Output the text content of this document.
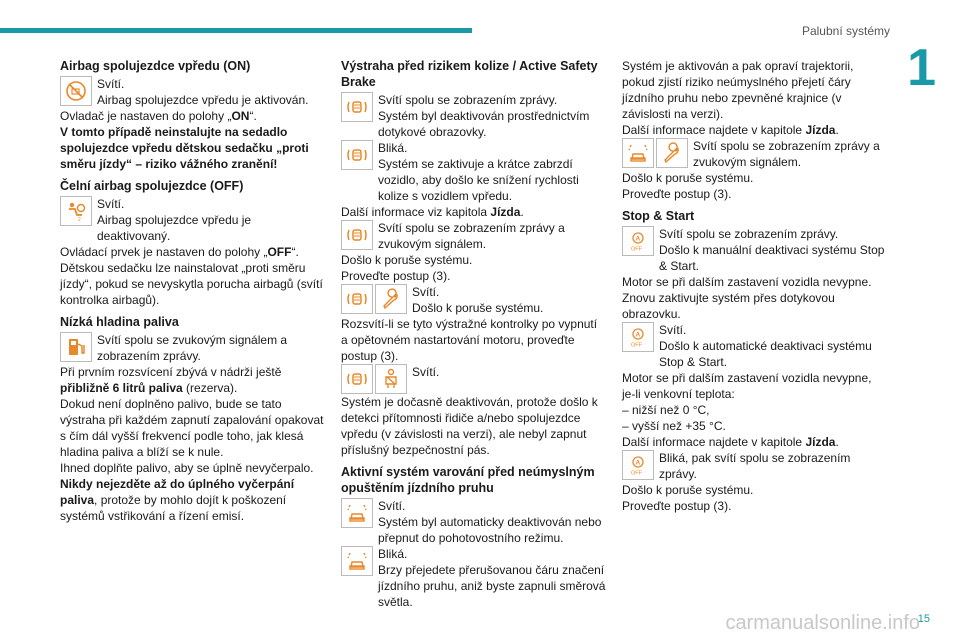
Palubní systémy
1
15
Airbag spolujezdce vpředu (ON)

Svítí.

Airbag spolujezdce vpředu je aktivován.

Ovladač je nastaven do polohy „ON“.

V tomto případě neinstalujte na sedadlo spolujezdce vpředu dětskou sedačku „proti směru jízdy“ – riziko vážného zranění!

Čelní airbag spolujezdce (OFF)
2

Svítí.

Airbag spolujezdce vpředu je deaktivovaný.

Ovládací prvek je nastaven do polohy „OFF“.

Dětskou sedačku lze nainstalovat „proti směru jízdy“, pokud se nevyskytla porucha airbagů (svítí kontrolka airbagů).

Nízká hladina paliva

Svítí spolu se zvukovým signálem a zobrazením zprávy.

Při prvním rozsvícení zbývá v nádrži ještě přibližně 6 litrů paliva (rezerva).

Dokud není doplněno palivo, bude se tato výstraha při každém zapnutí zapalování opakovat s čím dál vyšší frekvencí podle toho, jak klesá hladina paliva a blíží se k nule.

Ihned doplňte palivo, aby se úplně nevyčerpalo.

Nikdy nejezděte až do úplného vyčerpání paliva, protože by mohlo dojít k poškození systémů vstřikování a řízení emisí.

Výstraha před rizikem kolize / Active Safety Brake

Svítí spolu se zobrazením zprávy.

Systém byl deaktivován prostřednictvím dotykové obrazovky.

Bliká.

Systém se zaktivuje a krátce zabrzdí vozidlo, aby došlo ke snížení rychlosti kolize s vozidlem vpředu.

Další informace viz kapitola Jízda.

Svítí spolu se zobrazením zprávy a zvukovým signálem.

Došlo k poruše systému.

Proveďte postup (3).

Svítí.

Došlo k poruše systému.

Rozsvítí-li se tyto výstražné kontrolky po vypnutí a opětovném nastartování motoru, proveďte postup (3).

Svítí.

Systém je dočasně deaktivován, protože došlo k detekci přítomnosti řidiče a/nebo spolujezdce vpředu (v závislosti na verzi), ale nebyl zapnut příslušný bezpečnostní pás.

Aktivní systém varování před neúmyslným opuštěním jízdního pruhu

Svítí.

Systém byl automaticky deaktivován nebo přepnut do pohotovostního režimu.

Bliká.

Brzy přejedete přerušovanou čáru značení jízdního pruhu, aniž byste zapnuli směrová světla.

Systém je aktivován a pak opraví trajektorii, pokud zjistí riziko neúmyslného přejetí čáry jízdního pruhu nebo zpevněné krajnice (v závislosti na verzi).

Další informace najdete v kapitole Jízda.

Svítí spolu se zobrazením zprávy a zvukovým signálem.

Došlo k poruše systému.

Proveďte postup (3).

Stop & Start
A
OFF

Svítí spolu se zobrazením zprávy.

Došlo k manuální deaktivaci systému Stop & Start.

Motor se při dalším zastavení vozidla nevypne.

Znovu zaktivujte systém přes dotykovou obrazovku.

A
OFF

Svítí.

Došlo k automatické deaktivaci systému Stop & Start.

Motor se při dalším zastavení vozidla nevypne, je-li venkovní teplota:

– nižší než 0 °C,

– vyšší než +35 °C.

Další informace najdete v kapitole Jízda.

A
OFF

Bliká, pak svítí spolu se zobrazením zprávy.

Došlo k poruše systému.

Proveďte postup (3).

carmanualsonline.info
